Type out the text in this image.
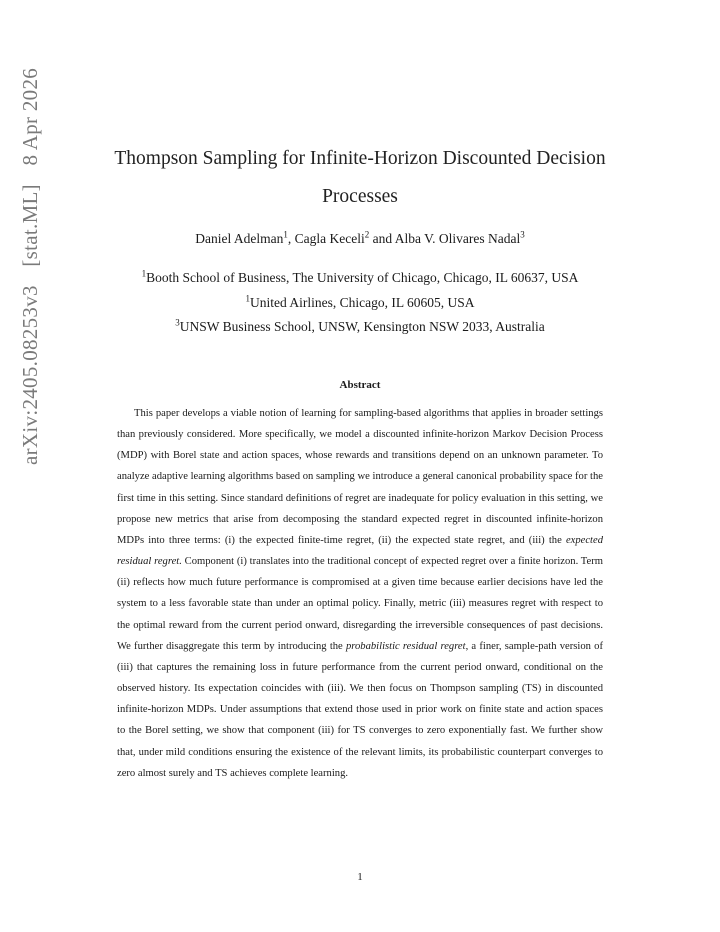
arXiv:2405.08253v3 [stat.ML] 8 Apr 2026	Thompson Sampling for Infinite-Horizon Discounted Decision Processes
Daniel Adelman$^1$, Cagla Keceli$^2$ and Alba V. Olivares Nadal$^3$
$^1$Booth School of Business, The University of Chicago, Chicago, IL 60637, USA
$^1$United Airlines, Chicago, IL 60605, USA
$^3$UNSW Business School, UNSW, Kensington NSW 2033, Australia
Abstract

This paper develops a viable notion of learning for sampling-based algorithms that applies in broader settings than previously considered. More specifically, we model a discounted infinite-horizon Markov Decision Process (MDP) with Borel state and action spaces, whose rewards and transitions depend on an unknown parameter. To analyze adaptive learning algorithms based on sampling we introduce a general canonical probability space for the first time in this setting. Since standard definitions of regret are inadequate for policy evaluation in this setting, we propose new metrics that arise from decomposing the standard expected regret in discounted infinite-horizon MDPs into three terms: (i) the expected finite-time regret, (ii) the expected state regret, and (iii) the expected residual regret. Component (i) translates into the traditional concept of expected regret over a finite horizon. Term (ii) reflects how much future performance is compromised at a given time because earlier decisions have led the system to a less favorable state than under an optimal policy. Finally, metric (iii) measures regret with respect to the optimal reward from the current period onward, disregarding the irreversible consequences of past decisions. We further disaggregate this term by introducing the probabilistic residual regret, a finer, sample-path version of (iii) that captures the remaining loss in future performance from the current period onward, conditional on the observed history. Its expectation coincides with (iii). We then focus on Thompson sampling (TS) in discounted infinite-horizon MDPs. Under assumptions that extend those used in prior work on finite state and action spaces to the Borel setting, we show that component (iii) for TS converges to zero exponentially fast. We further show that, under mild conditions ensuring the existence of the relevant limits, its probabilistic counterpart converges to zero almost surely and TS achieves complete learning.

1
